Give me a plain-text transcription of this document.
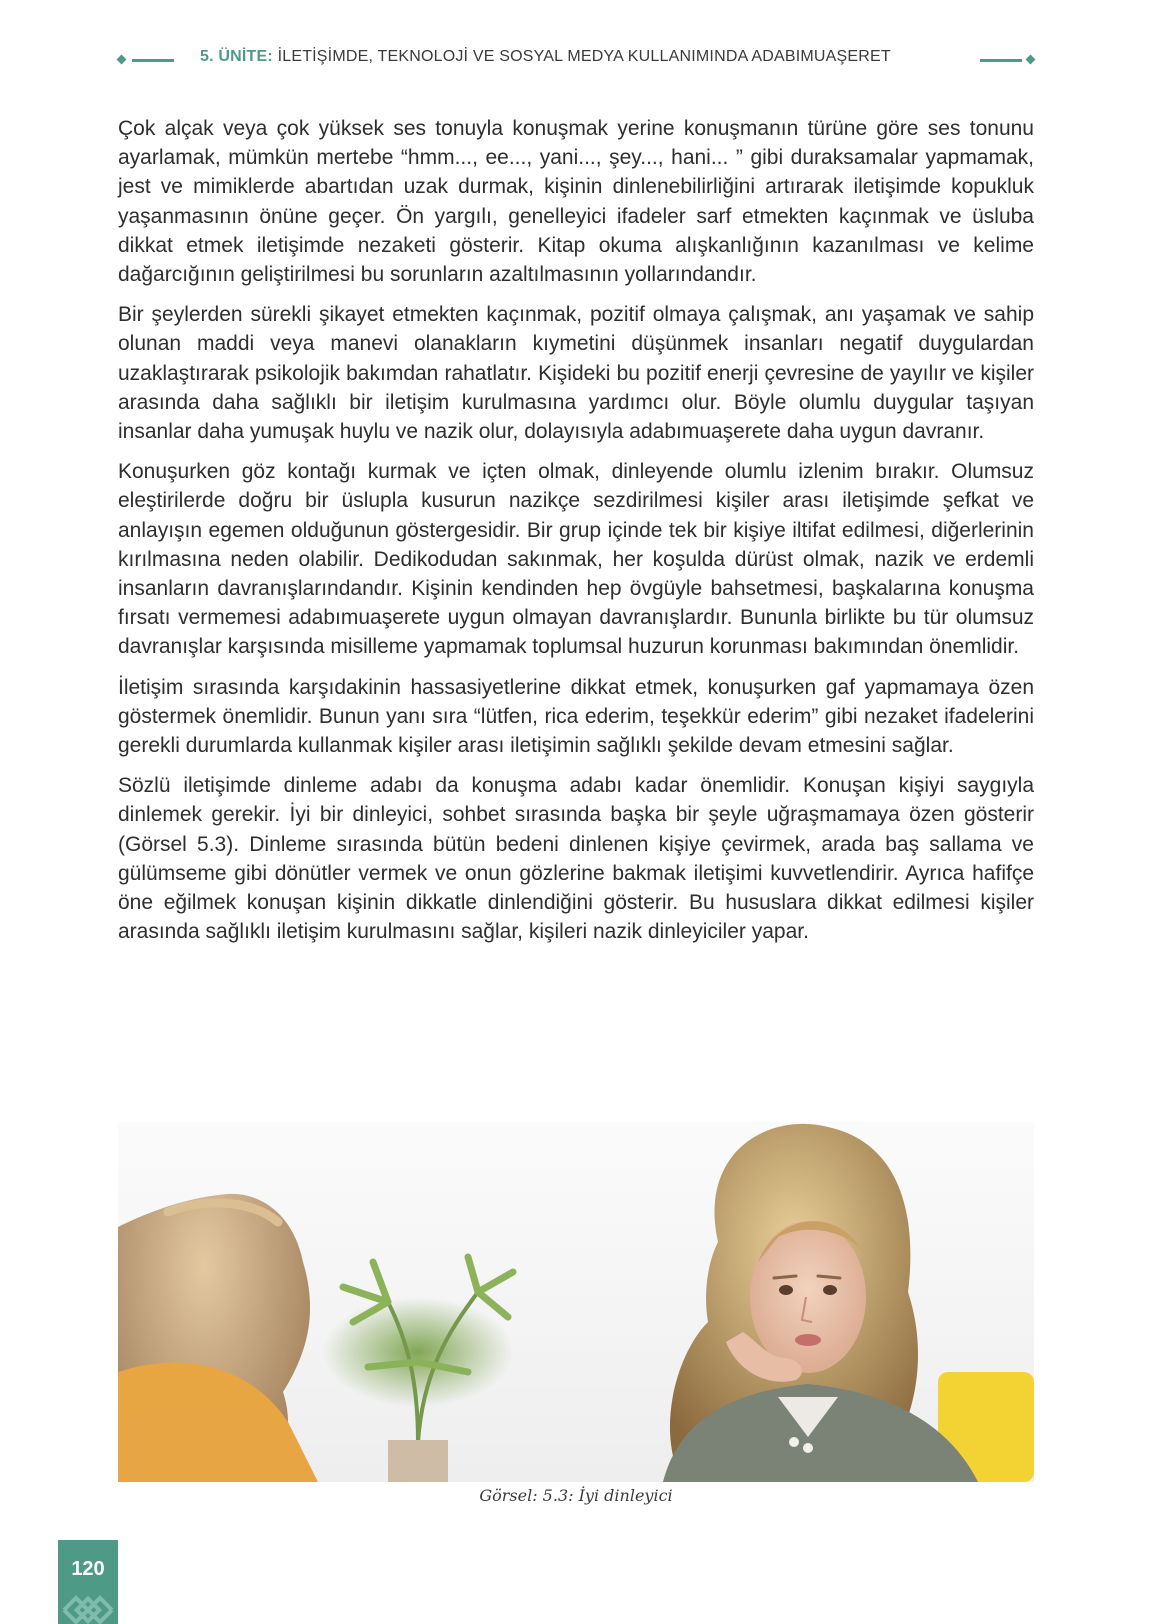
5. ÜNİTE: İLETİŞİMDE, TEKNOLOJİ VE SOSYAL MEDYA KULLANIMINDA ADABIMUAŞERET

Çok alçak veya çok yüksek ses tonuyla konuşmak yerine konuşmanın türüne göre ses tonunu ayarlamak, mümkün mertebe “hmm..., ee..., yani..., şey..., hani... ” gibi duraksamalar yapmamak, jest ve mimiklerde abartıdan uzak durmak, kişinin dinlenebilirliğini artırarak iletişimde kopukluk yaşanmasının önüne geçer. Ön yargılı, genelleyici ifadeler sarf etmekten kaçınmak ve üsluba dikkat etmek iletişimde nezaketi gösterir. Kitap okuma alışkanlığının kazanılması ve kelime dağarcığının geliştirilmesi bu sorunların azaltılmasının yollarındandır.

Bir şeylerden sürekli şikayet etmekten kaçınmak, pozitif olmaya çalışmak, anı yaşamak ve sahip olunan maddi veya manevi olanakların kıymetini düşünmek insanları negatif duygulardan uzaklaştırarak psikolojik bakımdan rahatlatır. Kişideki bu pozitif enerji çevresine de yayılır ve kişiler arasında daha sağlıklı bir iletişim kurulmasına yardımcı olur. Böyle olumlu duygular taşıyan insanlar daha yumuşak huylu ve nazik olur, dolayısıyla adabımuaşerete daha uygun davranır.

Konuşurken göz kontağı kurmak ve içten olmak, dinleyende olumlu izlenim bırakır. Olumsuz eleştirilerde doğru bir üslupla kusurun nazikçe sezdirilmesi kişiler arası iletişimde şefkat ve anlayışın egemen olduğunun göstergesidir. Bir grup içinde tek bir kişiye iltifat edilmesi, diğerlerinin kırılmasına neden olabilir. Dedikodudan sakınmak, her koşulda dürüst olmak, nazik ve erdemli insanların davranışlarındandır. Kişinin kendinden hep övgüyle bahsetmesi, başkalarına konuşma fırsatı vermemesi adabımuaşerete uygun olmayan davranışlardır. Bununla birlikte bu tür olumsuz davranışlar karşısında misilleme yapmamak toplumsal huzurun korunması bakımından önemlidir.

İletişim sırasında karşıdakinin hassasiyetlerine dikkat etmek, konuşurken gaf yapmamaya özen göstermek önemlidir. Bunun yanı sıra “lütfen, rica ederim, teşekkür ederim” gibi nezaket ifadelerini gerekli durumlarda kullanmak kişiler arası iletişimin sağlıklı şekilde devam etmesini sağlar.

Sözlü iletişimde dinleme adabı da konuşma adabı kadar önemlidir. Konuşan kişiyi saygıyla dinlemek gerekir. İyi bir dinleyici, sohbet sırasında başka bir şeyle uğraşmamaya özen gösterir (Görsel 5.3). Dinleme sırasında bütün bedeni dinlenen kişiye çevirmek, arada baş sallama ve gülümseme gibi dönütler vermek ve onun gözlerine bakmak iletişimi kuvvetlendirir. Ayrıca hafifçe öne eğilmek konuşan kişinin dikkatle dinlendiğini gösterir. Bu hususlara dikkat edilmesi kişiler arasında sağlıklı iletişim kurulmasını sağlar, kişileri nazik dinleyiciler yapar.

Görsel: 5.3: İyi dinleyici
120
